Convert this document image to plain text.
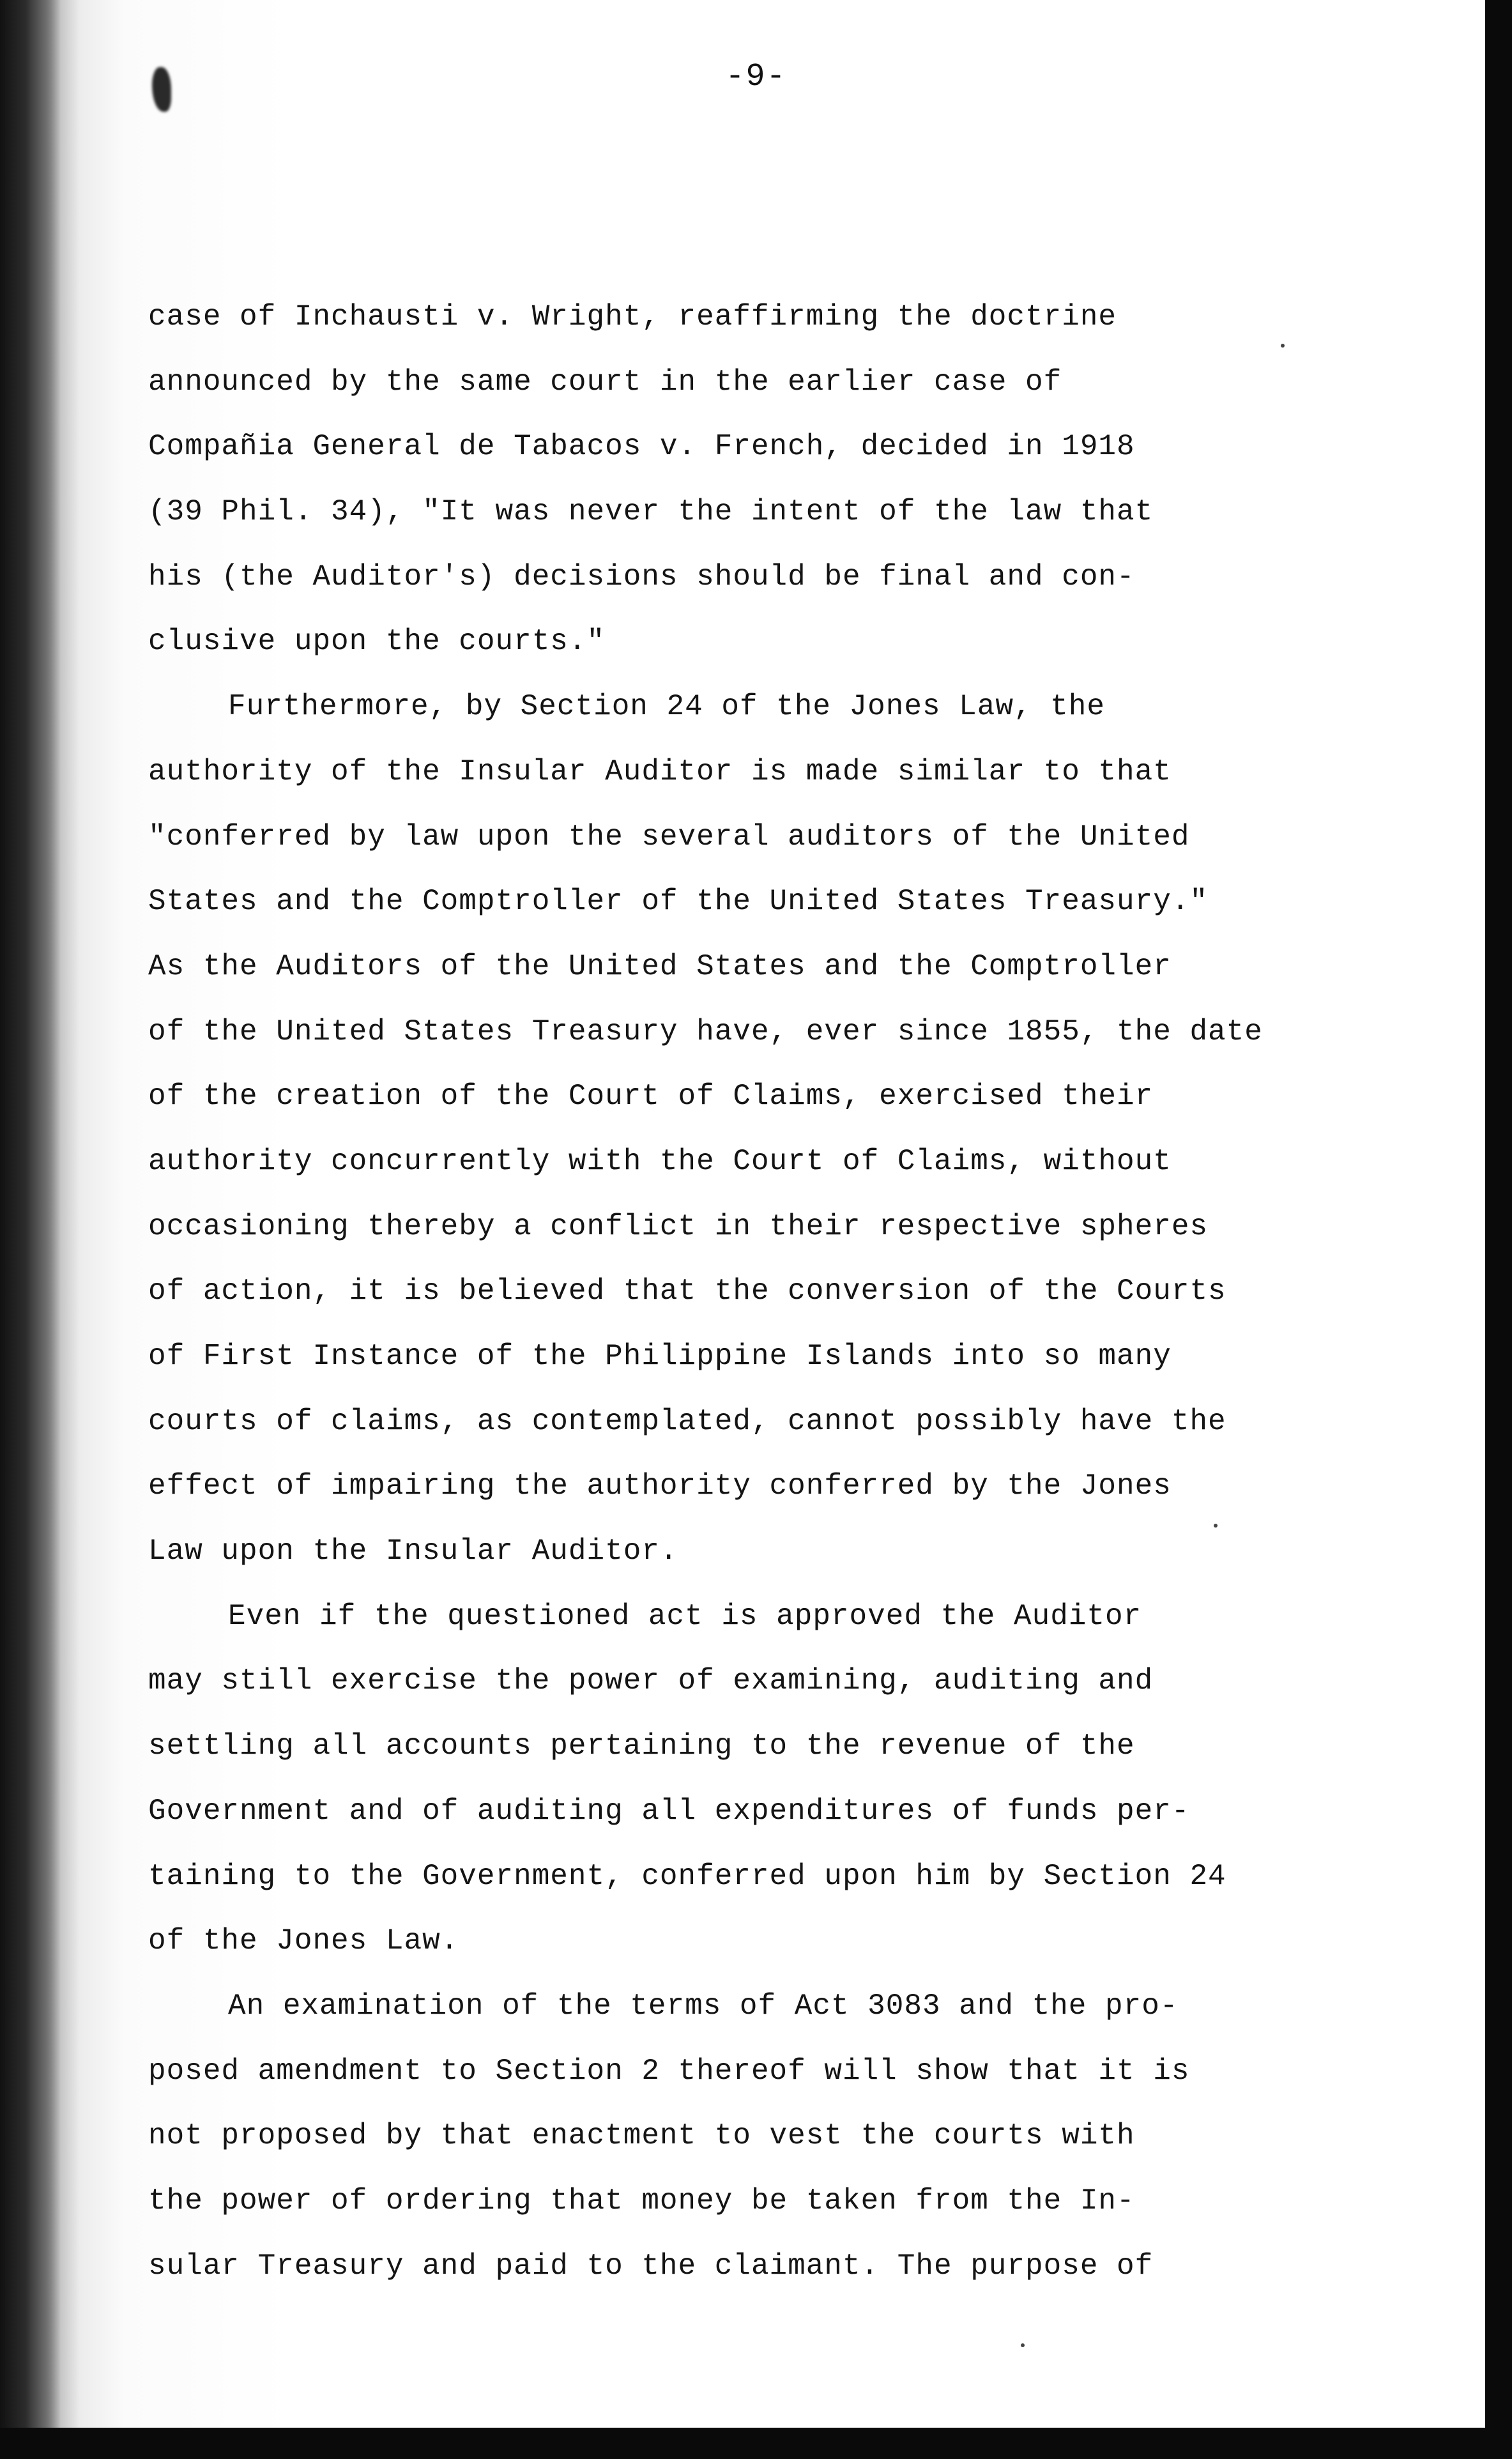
-9-
case of Inchausti v. Wright, reaffirming the doctrine
announced by the same court in the earlier case of
Compañia General de Tabacos v. French, decided in 1918
(39 Phil. 34), "It was never the intent of the law that
his (the Auditor's) decisions should be final and con-
clusive upon the courts."
Furthermore, by Section 24 of the Jones Law, the
authority of the Insular Auditor is made similar to that
"conferred by law upon the several auditors of the United
States and the Comptroller of the United States Treasury."
As the Auditors of the United States and the Comptroller
of the United States Treasury have, ever since 1855, the date
of the creation of the Court of Claims, exercised their
authority concurrently with the Court of Claims, without
occasioning thereby a conflict in their respective spheres
of action, it is believed that the conversion of the Courts
of First Instance of the Philippine Islands into so many
courts of claims, as contemplated, cannot possibly have the
effect of impairing the authority conferred by the Jones
Law upon the Insular Auditor.
Even if the questioned act is approved the Auditor
may still exercise the power of examining, auditing and
settling all accounts pertaining to the revenue of the
Government and of auditing all expenditures of funds per-
taining to the Government, conferred upon him by Section 24
of the Jones Law.
An examination of the terms of Act 3083 and the pro-
posed amendment to Section 2 thereof will show that it is
not proposed by that enactment to vest the courts with
the power of ordering that money be taken from the In-
sular Treasury and paid to the claimant. The purpose of
